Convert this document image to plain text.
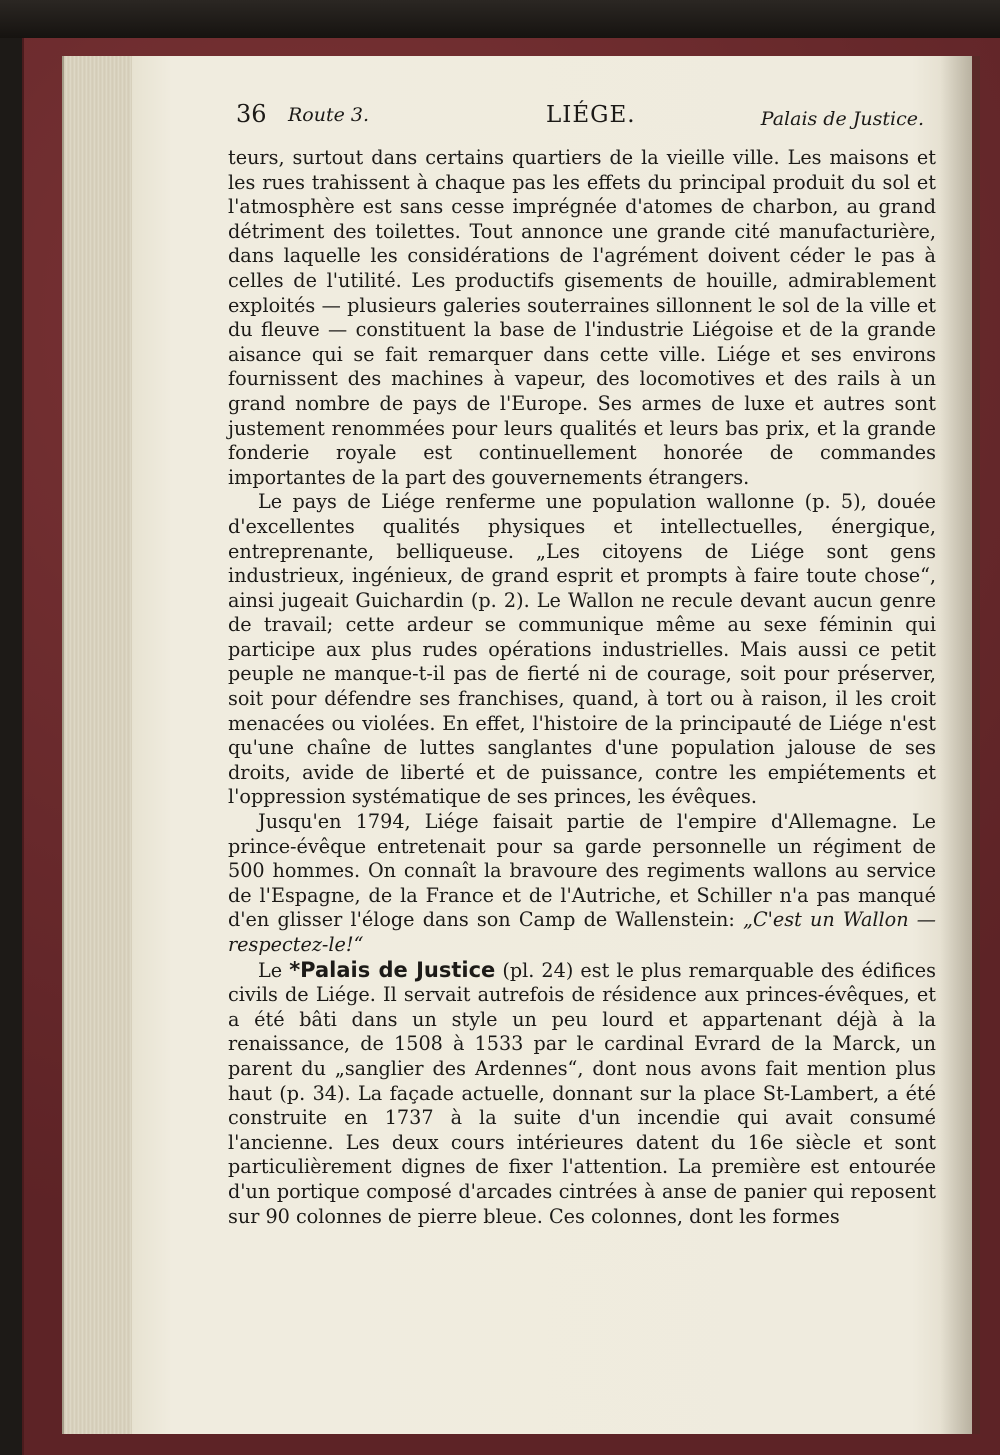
36 Route 3.	LIÉGE.	Palais de Justice.

teurs, surtout dans certains quartiers de la vieille ville. Les maisons et les rues trahissent à chaque pas les effets du principal produit du sol et l'atmosphère est sans cesse imprégnée d'atomes de charbon, au grand détriment des toilettes. Tout annonce une grande cité manufacturière, dans laquelle les considérations de l'agrément doivent céder le pas à celles de l'utilité. Les productifs gisements de houille, admirablement exploités — plusieurs galeries souterraines sillonnent le sol de la ville et du fleuve — constituent la base de l'industrie Liégoise et de la grande aisance qui se fait remarquer dans cette ville. Liége et ses environs fournissent des machines à vapeur, des locomotives et des rails à un grand nombre de pays de l'Europe. Ses armes de luxe et autres sont justement renommées pour leurs qualités et leurs bas prix, et la grande fonderie royale est continuellement honorée de commandes importantes de la part des gouvernements étrangers.

Le pays de Liége renferme une population wallonne (p. 5), douée d'excellentes qualités physiques et intellectuelles, énergique, entreprenante, belliqueuse. „Les citoyens de Liége sont gens industrieux, ingénieux, de grand esprit et prompts à faire toute chose“, ainsi jugeait Guichardin (p. 2). Le Wallon ne recule devant aucun genre de travail; cette ardeur se communique même au sexe féminin qui participe aux plus rudes opérations industrielles. Mais aussi ce petit peuple ne manque-t-il pas de fierté ni de courage, soit pour préserver, soit pour défendre ses franchises, quand, à tort ou à raison, il les croit menacées ou violées. En effet, l'histoire de la principauté de Liége n'est qu'une chaîne de luttes sanglantes d'une population jalouse de ses droits, avide de liberté et de puissance, contre les empiétements et l'oppression systématique de ses princes, les évêques.

Jusqu'en 1794, Liége faisait partie de l'empire d'Allemagne. Le prince-évêque entretenait pour sa garde personnelle un régiment de 500 hommes. On connaît la bravoure des regiments wallons au service de l'Espagne, de la France et de l'Autriche, et Schiller n'a pas manqué d'en glisser l'éloge dans son Camp de Wallenstein: „C'est un Wallon — respectez-le!“

Le *Palais de Justice (pl. 24) est le plus remarquable des édifices civils de Liége. Il servait autrefois de résidence aux princes-évêques, et a été bâti dans un style un peu lourd et appartenant déjà à la renaissance, de 1508 à 1533 par le cardinal Evrard de la Marck, un parent du „sanglier des Ardennes“, dont nous avons fait mention plus haut (p. 34). La façade actuelle, donnant sur la place St-Lambert, a été construite en 1737 à la suite d'un incendie qui avait consumé l'ancienne. Les deux cours intérieures datent du 16e siècle et sont particulièrement dignes de fixer l'attention. La première est entourée d'un portique composé d'arcades cintrées à anse de panier qui reposent sur 90 colonnes de pierre bleue. Ces colonnes, dont les formes
